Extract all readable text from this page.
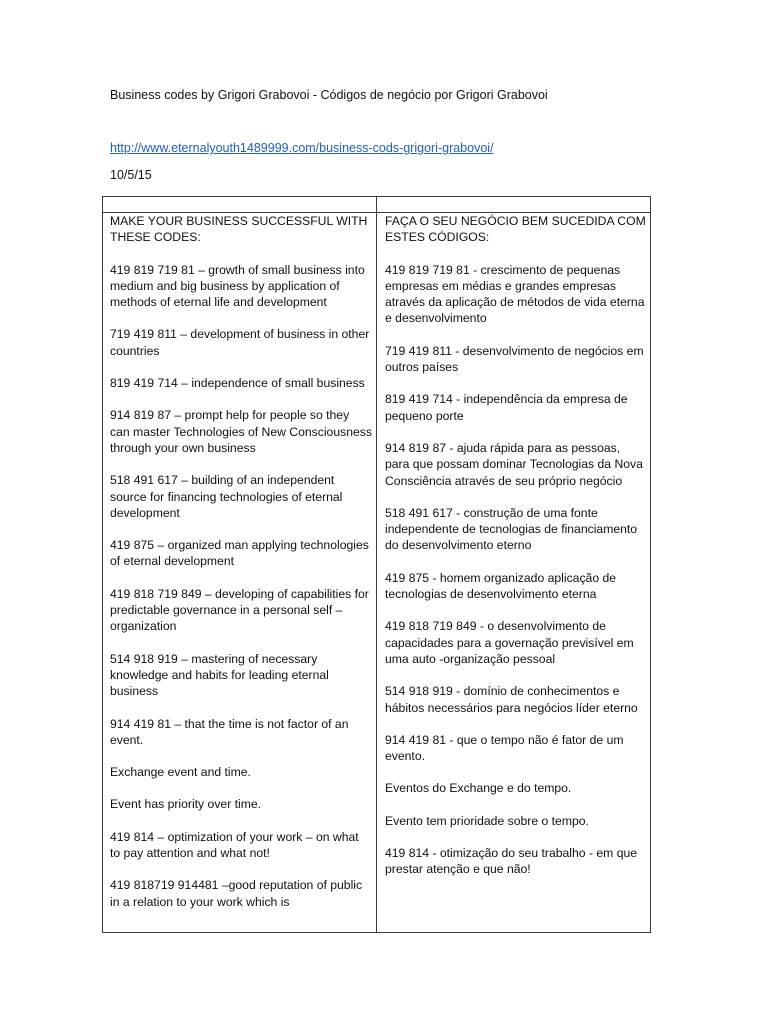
Business codes by Grigori Grabovoi - Códigos de negócio por Grigori Grabovoi
http://www.eternalyouth1489999.com/business-cods-grigori-grabovoi/
10/5/15

MAKE YOUR BUSINESS SUCCESSFUL WITH THESE CODES:

419 819 719 81 – growth of small business into medium and big business by application of methods of eternal life and development

719 419 811 – development of business in other countries

819 419 714 – independence of small business

914 819 87 – prompt help for people so they can master Technologies of New Consciousness through your own business

518 491 617 – building of an independent source for financing technologies of eternal development

419 875 – organized man applying technologies of eternal development

419 818 719 849 – developing of capabilities for predictable governance in a personal self –organization

514 918 919 – mastering of necessary knowledge and habits for leading eternal business

914 419 81 – that the time is not factor of an event.

Exchange event and time.

Event has priority over time.

419 814 – optimization of your work – on what to pay attention and what not!

419 818719 914481 –good reputation of public in a relation to your work which is

FAÇA O SEU NEGÓCIO BEM SUCEDIDA COM ESTES CÓDIGOS:

419 819 719 81 - crescimento de pequenas empresas em médias e grandes empresas através da aplicação de métodos de vida eterna e desenvolvimento

719 419 811 - desenvolvimento de negócios em outros países

819 419 714 - independência da empresa de pequeno porte

914 819 87 - ajuda rápida para as pessoas, para que possam dominar Tecnologias da Nova Consciência através de seu próprio negócio

518 491 617 - construção de uma fonte independente de tecnologias de financiamento do desenvolvimento eterno

419 875 - homem organizado aplicação de tecnologias de desenvolvimento eterna

419 818 719 849 - o desenvolvimento de capacidades para a governação previsível em uma auto -organização pessoal

514 918 919 - domínio de conhecimentos e hábitos necessários para negócios líder eterno

914 419 81 - que o tempo não é fator de um evento.

Eventos do Exchange e do tempo.

Evento tem prioridade sobre o tempo.

419 814 - otimização do seu trabalho - em que prestar atenção e que não!
